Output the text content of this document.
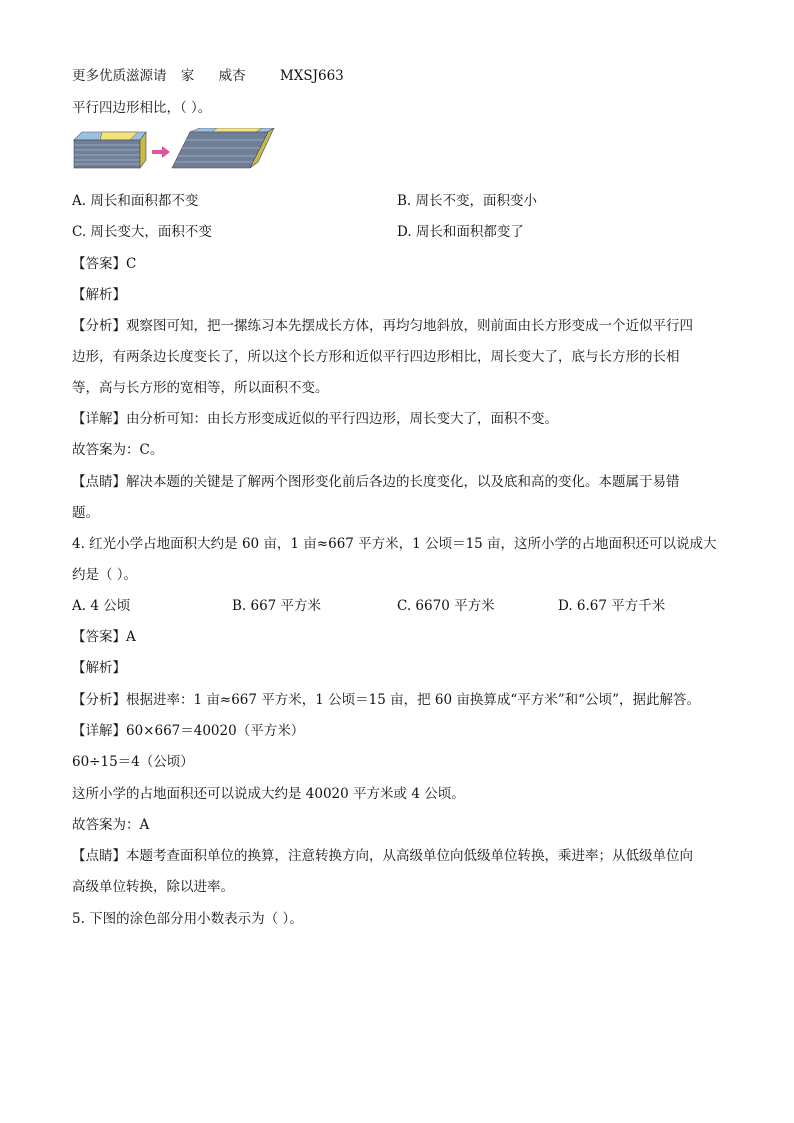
更多优质滋源请 家 威杏	MXSJ663
平行四边形相比，（ ）。
A. 周长和面积都不变	B. 周长不变，面积变小
C. 周长变大，面积不变	D. 周长和面积都变了
【答案】C
【解析】
【分析】观察图可知，把一摞练习本先摆成长方体，再均匀地斜放，则前面由长方形变成一个近似平行四
边形，有两条边长度变长了，所以这个长方形和近似平行四边形相比，周长变大了，底与长方形的长相
等，高与长方形的宽相等，所以面积不变。
【详解】由分析可知：由长方形变成近似的平行四边形，周长变大了，面积不变。
故答案为：C。
【点睛】解决本题的关键是了解两个图形变化前后各边的长度变化，以及底和高的变化。本题属于易错
题。
4. 红光小学占地面积大约是 60 亩，1 亩≈667 平方米，1 公顷＝15 亩，这所小学的占地面积还可以说成大
约是（ ）。
A. 4 公顷	B. 667 平方米	C. 6670 平方米	D. 6.67 平方千米
【答案】A
【解析】
【分析】根据进率：1 亩≈667 平方米，1 公顷＝15 亩，把 60 亩换算成“平方米”和“公顷”，据此解答。
【详解】60×667＝40020（平方米）
60÷15＝4（公顷）
这所小学的占地面积还可以说成大约是 40020 平方米或 4 公顷。
故答案为：A
【点睛】本题考查面积单位的换算，注意转换方向，从高级单位向低级单位转换，乘进率；从低级单位向
高级单位转换，除以进率。
5. 下图的涂色部分用小数表示为（ ）。
